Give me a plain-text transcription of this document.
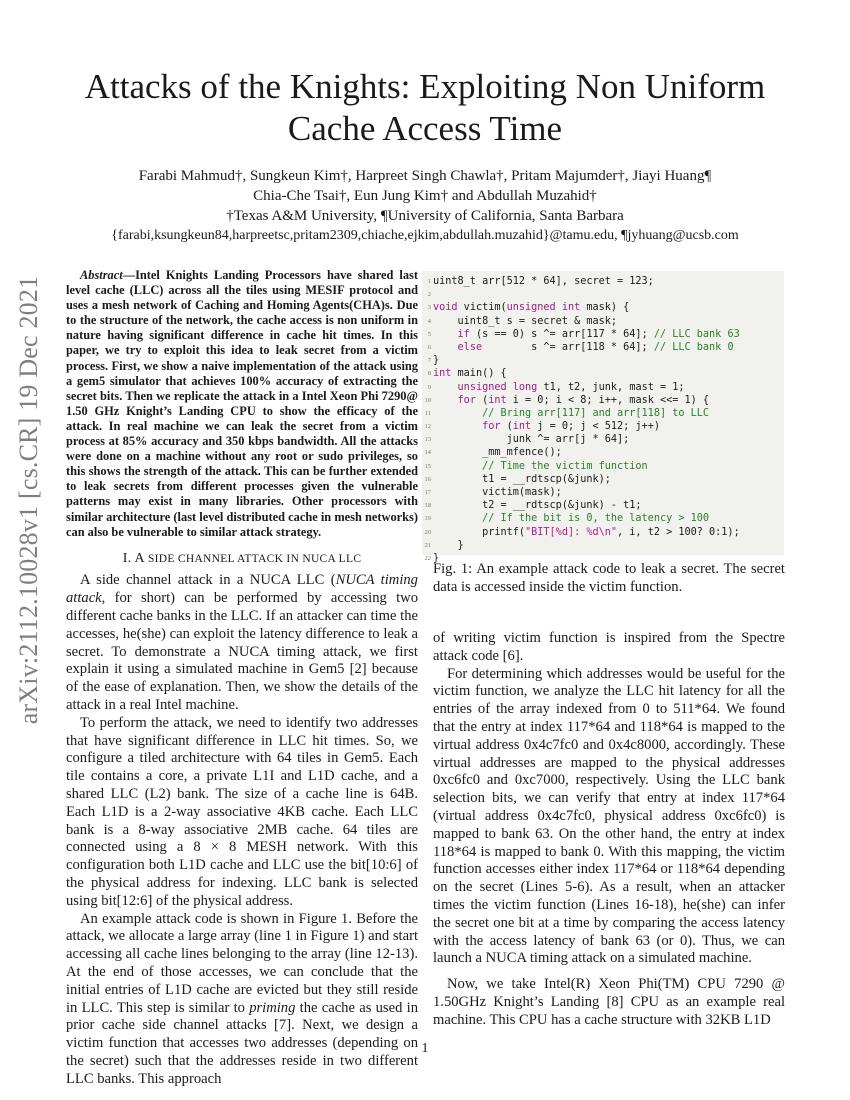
arXiv:2112.10028v1 [cs.CR] 19 Dec 2021
Attacks of the Knights: Exploiting Non Uniform
Cache Access Time
Farabi Mahmud†, Sungkeun Kim†, Harpreet Singh Chawla†, Pritam Majumder†, Jiayi Huang¶
Chia-Che Tsai†, Eun Jung Kim† and Abdullah Muzahid†
†Texas A&M University, ¶University of California, Santa Barbara
{farabi,ksungkeun84,harpreetsc,pritam2309,chiache,ejkim,abdullah.muzahid}@tamu.edu, ¶jyhuang@ucsb.com
Abstract—Intel Knights Landing Processors have shared last level cache (LLC) across all the tiles using MESIF protocol and uses a mesh network of Caching and Homing Agents(CHA)s. Due to the structure of the network, the cache access is non uniform in nature having significant difference in cache hit times. In this paper, we try to exploit this idea to leak secret from a victim process. First, we show a naive implementation of the attack using a gem5 simulator that achieves 100% accuracy of extracting the secret bits. Then we replicate the attack in a Intel Xeon Phi 7290@ 1.50 GHz Knight’s Landing CPU to show the efficacy of the attack. In real machine we can leak the secret from a victim process at 85% accuracy and 350 kbps bandwidth. All the attacks were done on a machine without any root or sudo privileges, so this shows the strength of the attack. This can be further extended to leak secrets from different processes given the vulnerable patterns may exist in many libraries. Other processors with similar architecture (last level distributed cache in mesh networks) can also be vulnerable to similar attack strategy.
I. A SIDE CHANNEL ATTACK IN NUCA LLC

A side channel attack in a NUCA LLC (NUCA timing attack, for short) can be performed by accessing two different cache banks in the LLC. If an attacker can time the accesses, he(she) can exploit the latency difference to leak a secret. To demonstrate a NUCA timing attack, we first explain it using a simulated machine in Gem5 [2] because of the ease of explanation. Then, we show the details of the attack in a real Intel machine.

To perform the attack, we need to identify two addresses that have significant difference in LLC hit times. So, we configure a tiled architecture with 64 tiles in Gem5. Each tile contains a core, a private L1I and L1D cache, and a shared LLC (L2) bank. The size of a cache line is 64B. Each L1D is a 2-way associative 4KB cache. Each LLC bank is a 8-way associative 2MB cache. 64 tiles are connected using a 8 × 8 MESH network. With this configuration both L1D cache and LLC use the bit[10:6] of the physical address for indexing. LLC bank is selected using bit[12:6] of the physical address.

An example attack code is shown in Figure 1. Before the attack, we allocate a large array (line 1 in Figure 1) and start accessing all cache lines belonging to the array (line 12-13). At the end of those accesses, we can conclude that the initial entries of L1D cache are evicted but they still reside in LLC. This step is similar to priming the cache as used in prior cache side channel attacks [7]. Next, we design a victim function that accesses two addresses (depending on the secret) such that the addresses reside in two different LLC banks. This approach

1 uint8_t arr[512 * 64], secret = 123;
2
3 void victim(unsigned int mask) {
4 uint8_t s = secret & mask;
5	if (s == 0) s ^= arr[117 * 64]; // LLC bank 63
6	else        s ^= arr[118 * 64]; // LLC bank 0
7 }
8 int main() {
9	unsigned long t1, t2, junk, mast = 1;
10	for (int i = 0; i < 8; i++, mask <<= 1) {
11	// Bring arr[117] and arr[118] to LLC
12	for (int j = 0; j < 512; j++)
13 junk ^= arr[j * 64];
14 _mm_mfence();
15	// Time the victim function
16 t1 = __rdtscp(&junk);
17 victim(mask);
18 t2 = __rdtscp(&junk) - t1;
19	// If the bit is 0, the latency > 100
20 printf("BIT[%d]: %d\n", i, t2 > 100? 0:1);
21 }
22 }
Fig. 1: An example attack code to leak a secret. The secret data is accessed inside the victim function.

of writing victim function is inspired from the Spectre attack code [6].

For determining which addresses would be useful for the victim function, we analyze the LLC hit latency for all the entries of the array indexed from 0 to 511*64. We found that the entry at index 117*64 and 118*64 is mapped to the virtual address 0x4c7fc0 and 0x4c8000, accordingly. These virtual addresses are mapped to the physical addresses 0xc6fc0 and 0xc7000, respectively. Using the LLC bank selection bits, we can verify that entry at index 117*64 (virtual address 0x4c7fc0, physical address 0xc6fc0) is mapped to bank 63. On the other hand, the entry at index 118*64 is mapped to bank 0. With this mapping, the victim function accesses either index 117*64 or 118*64 depending on the secret (Lines 5-6). As a result, when an attacker times the victim function (Lines 16-18), he(she) can infer the secret one bit at a time by comparing the access latency with the access latency of bank 63 (or 0). Thus, we can launch a NUCA timing attack on a simulated machine.

Now, we take Intel(R) Xeon Phi(TM) CPU 7290 @ 1.50GHz Knight’s Landing [8] CPU as an example real machine. This CPU has a cache structure with 32KB L1D

1
